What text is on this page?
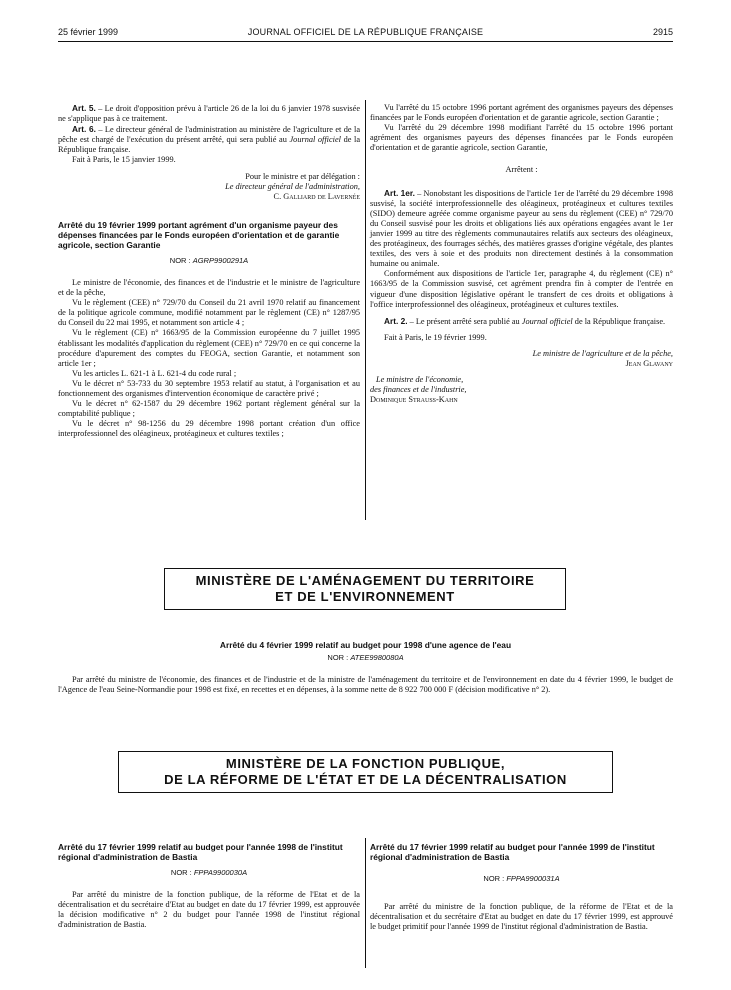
25 février 1999	JOURNAL OFFICIEL DE LA RÉPUBLIQUE FRANÇAISE	2915

Art. 5. – Le droit d'opposition prévu à l'article 26 de la loi du 6 janvier 1978 susvisée ne s'applique pas à ce traitement.

Art. 6. – Le directeur général de l'administration au ministère de l'agriculture et de la pêche est chargé de l'exécution du présent arrêté, qui sera publié au Journal officiel de la République française.

Fait à Paris, le 15 janvier 1999.

Pour le ministre et par délégation :

Le directeur général de l'administration,

C. Galliard de Lavernée

Arrêté du 19 février 1999 portant agrément d'un organisme payeur des dépenses financées par le Fonds européen d'orientation et de garantie agricole, section Garantie
NOR : AGRP9900291A

Le ministre de l'économie, des finances et de l'industrie et le ministre de l'agriculture et de la pêche,

Vu le règlement (CEE) n° 729/70 du Conseil du 21 avril 1970 relatif au financement de la politique agricole commune, modifié notamment par le règlement (CE) n° 1287/95 du Conseil du 22 mai 1995, et notamment son article 4 ;

Vu le règlement (CE) n° 1663/95 de la Commission européenne du 7 juillet 1995 établissant les modalités d'application du règlement (CEE) n° 729/70 en ce qui concerne la procédure d'apurement des comptes du FEOGA, section Garantie, et notamment son article 1er ;

Vu les articles L. 621-1 à L. 621-4 du code rural ;

Vu le décret n° 53-733 du 30 septembre 1953 relatif au statut, à l'organisation et au fonctionnement des organismes d'intervention économique de caractère privé ;

Vu le décret n° 62-1587 du 29 décembre 1962 portant règlement général sur la comptabilité publique ;

Vu le décret n° 98-1256 du 29 décembre 1998 portant création d'un office interprofessionnel des oléagineux, protéagineux et cultures textiles ;

Vu l'arrêté du 15 octobre 1996 portant agrément des organismes payeurs des dépenses financées par le Fonds européen d'orientation et de garantie agricole, section Garantie ;

Vu l'arrêté du 29 décembre 1998 modifiant l'arrêté du 15 octobre 1996 portant agrément des organismes payeurs des dépenses financées par le Fonds européen d'orientation et de garantie agricole, section Garantie,

Arrêtent :

Art. 1er. – Nonobstant les dispositions de l'article 1er de l'arrêté du 29 décembre 1998 susvisé, la société interprofessionnelle des oléagineux, protéagineux et cultures textiles (SIDO) demeure agréée comme organisme payeur au sens du règlement (CEE) n° 729/70 du Conseil susvisé pour les droits et obligations liés aux opérations engagées avant le 1er janvier 1999 au titre des règlements communautaires relatifs aux secteurs des oléagineux, des protéagineux, des fourrages séchés, des matières grasses d'origine végétale, des plantes textiles, des vers à soie et des produits non directement destinés à la consommation humaine ou animale.

Conformément aux dispositions de l'article 1er, paragraphe 4, du règlement (CE) n° 1663/95 de la Commission susvisé, cet agrément prendra fin à compter de l'entrée en vigueur d'une disposition législative opérant le transfert de ces droits et obligations à l'office interprofessionnel des oléagineux, protéagineux et cultures textiles.

Art. 2. – Le présent arrêté sera publié au Journal officiel de la République française.

Fait à Paris, le 19 février 1999.

Le ministre de l'agriculture et de la pêche,

Jean Glavany

Le ministre de l'économie,

des finances et de l'industrie,

Dominique Strauss-Kahn

MINISTÈRE DE L'AMÉNAGEMENT DU TERRITOIRE
ET DE L'ENVIRONNEMENT
Arrêté du 4 février 1999 relatif au budget pour 1998 d'une agence de l'eau
NOR : ATEE9980080A

Par arrêté du ministre de l'économie, des finances et de l'industrie et de la ministre de l'aménagement du territoire et de l'environnement en date du 4 février 1999, le budget de l'Agence de l'eau Seine-Normandie pour 1998 est fixé, en recettes et en dépenses, à la somme nette de 8 922 700 000 F (décision modificative n° 2).

MINISTÈRE DE LA FONCTION PUBLIQUE,
DE LA RÉFORME DE L'ÉTAT ET DE LA DÉCENTRALISATION
Arrêté du 17 février 1999 relatif au budget pour l'année 1998 de l'institut régional d'administration de Bastia
NOR : FPPA9900030A

Par arrêté du ministre de la fonction publique, de la réforme de l'Etat et de la décentralisation et du secrétaire d'Etat au budget en date du 17 février 1999, est approuvée la décision modificative n° 2 du budget pour l'année 1998 de l'institut régional d'administration de Bastia.

Arrêté du 17 février 1999 relatif au budget pour l'année 1999 de l'institut régional d'administration de Bastia
NOR : FPPA9900031A

Par arrêté du ministre de la fonction publique, de la réforme de l'Etat et de la décentralisation et du secrétaire d'Etat au budget en date du 17 février 1999, est approuvé le budget primitif pour l'année 1999 de l'institut régional d'administration de Bastia.
